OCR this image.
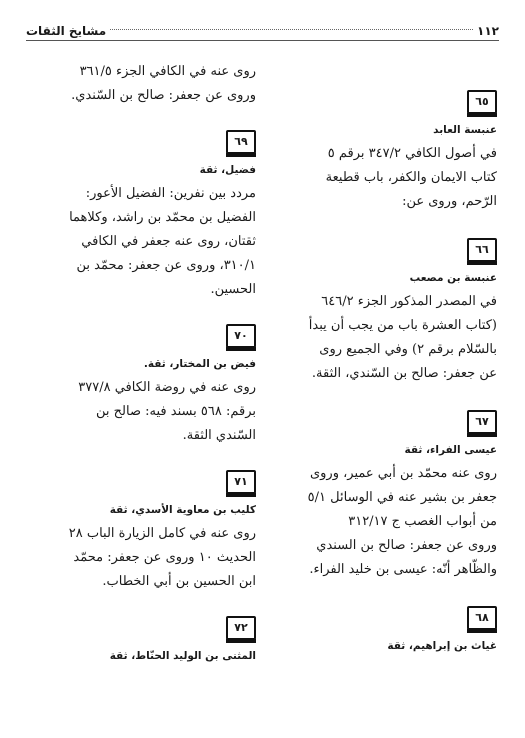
مشايخ الثقات	١١٢
٦٥
عنبسة العابد

في أصول الكافي ٣٤٧/٢ برقم ٥

كتاب الايمان والكفر، باب قطيعة

الرّحم، وروى عن:

٦٦
عنبسة بن مصعب

في المصدر المذكور الجزء ٦٤٦/٢

(كتاب العشرة باب من يجب أن يبدأ

بالسّلام برقم ٢) وفي الجميع روى

عن جعفر: صالح بن السّندي، الثقة.

٦٧
عيسى الفراء، ثقة

روى عنه محمّد بن أبي عمير، وروى

جعفر بن بشير عنه في الوسائل ٥/١

من أبواب الغصب ج ٣١٢/١٧

وروى عن جعفر: صالح بن السندي

والظّاهر أنّه: عيسى بن خليد الفراء.

٦٨
غياث بن إبراهيم، ثقة

روى عنه في الكافي الجزء ٣٦١/٥

وروى عن جعفر: صالح بن السّندي.

٦٩
فضيل، ثقة

مردد بين نفرين: الفضيل الأعور:

الفضيل بن محمّد بن راشد، وكلاهما

ثقتان، روى عنه جعفر في الكافي

٣١٠/١، وروى عن جعفر: محمّد بن

الحسين.

٧٠
فيض بن المختار، ثقة.

روى عنه في روضة الكافي ٣٧٧/٨

برقم: ٥٦٨ بسند فيه: صالح بن

السّندي الثقة.

٧١
كليب بن معاوية الأسدي، ثقة

روى عنه في كامل الزيارة الباب ٢٨

الحديث ١٠ وروى عن جعفر: محمّد

ابن الحسين بن أبي الخطاب.

٧٢
المثنى بن الوليد الحنّاط، ثقة
